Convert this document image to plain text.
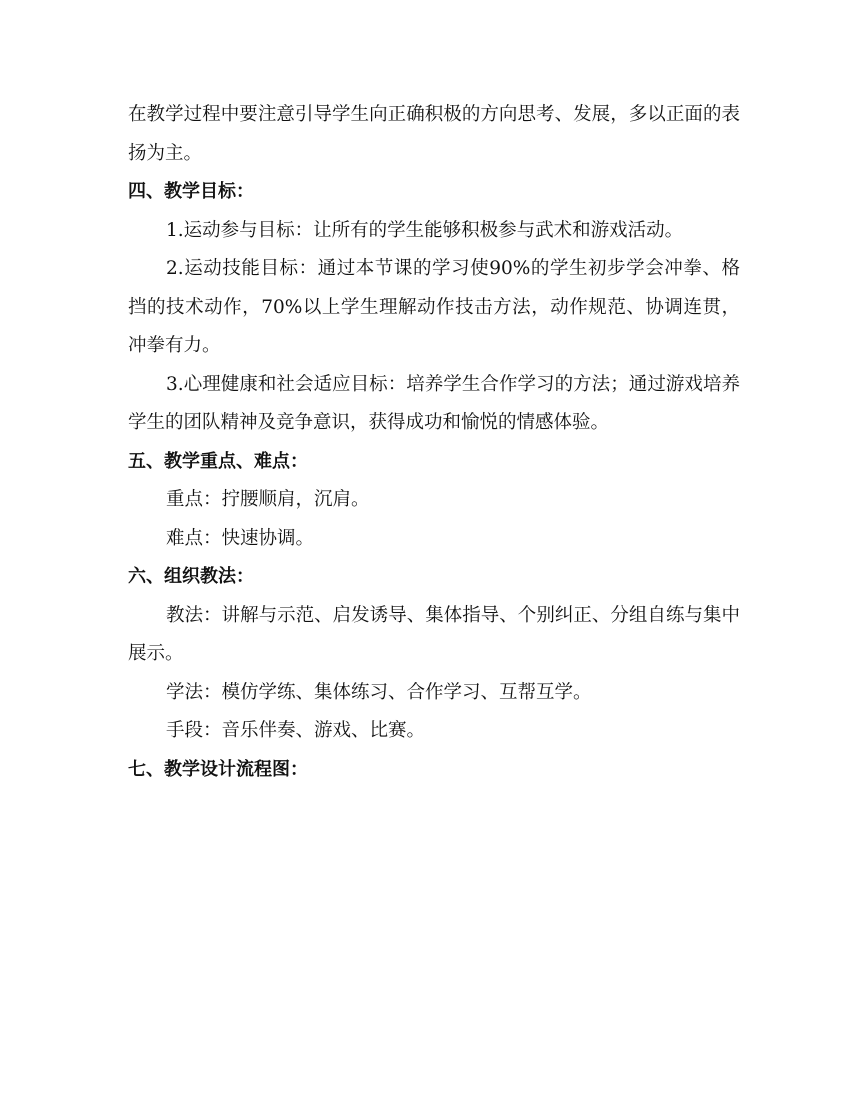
在教学过程中要注意引导学生向正确积极的方向思考、发展，多以正面的表扬为主。

四、教学目标：

1.运动参与目标：让所有的学生能够积极参与武术和游戏活动。

2.运动技能目标：通过本节课的学习使90%的学生初步学会冲拳、格挡的技术动作，70%以上学生理解动作技击方法，动作规范、协调连贯，冲拳有力。

3.心理健康和社会适应目标：培养学生合作学习的方法；通过游戏培养学生的团队精神及竞争意识，获得成功和愉悦的情感体验。

五、教学重点、难点：

重点：拧腰顺肩，沉肩。

难点：快速协调。

六、组织教法：

教法：讲解与示范、启发诱导、集体指导、个别纠正、分组自练与集中展示。

学法：模仿学练、集体练习、合作学习、互帮互学。

手段：音乐伴奏、游戏、比赛。

七、教学设计流程图：
